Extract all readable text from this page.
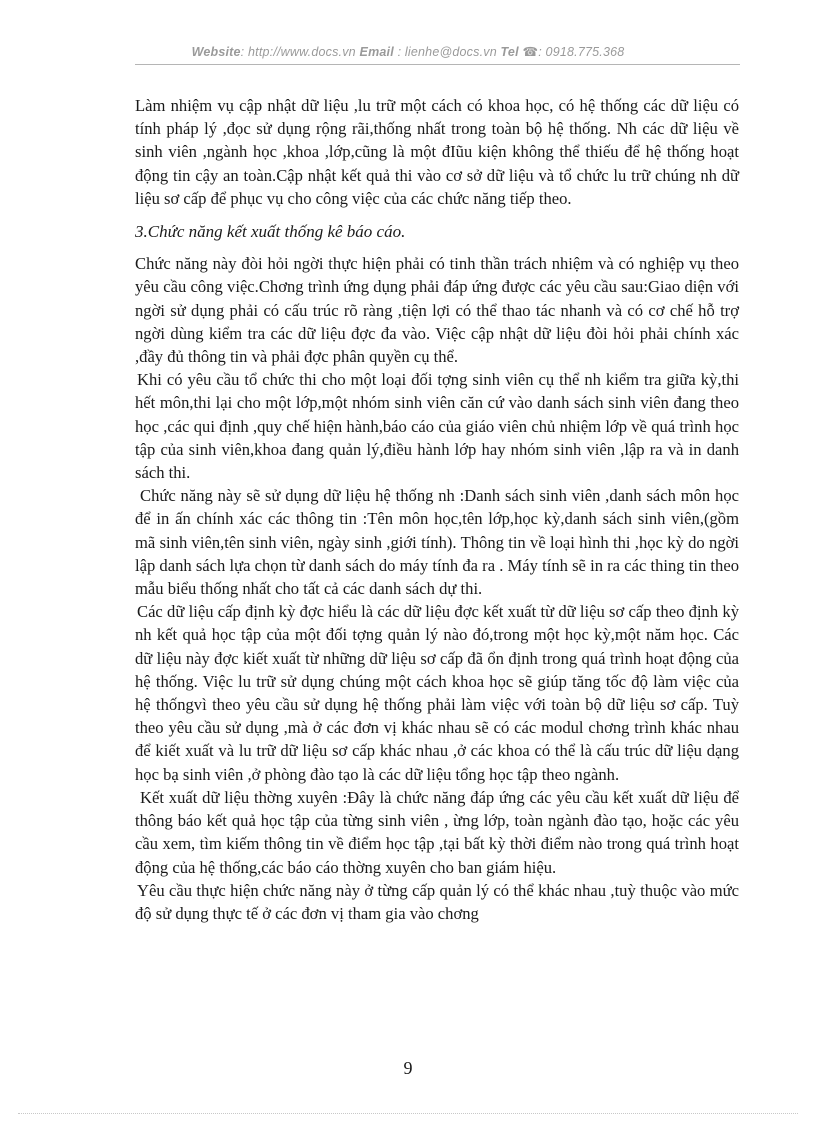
Website: http://www.docs.vn Email : lienhe@docs.vn Tel ☎: 0918.775.368

Làm nhiệm vụ cập nhật dữ liệu ,lu trữ một cách có khoa học, có hệ thống các dữ liệu có tính pháp lý ,đọc sử dụng rộng rãi,thống nhất trong toàn bộ hệ thống. Nh các dữ liệu về sinh viên ,ngành học ,khoa ,lớp,cũng là một đIũu kiện không thể thiếu để hệ thống hoạt động tin cậy an toàn.Cập nhật kết quả thi vào cơ sở dữ liệu và tổ chức lu trữ chúng nh dữ liệu sơ cấp để phục vụ cho công việc của các chức năng tiếp theo.

3.Chức năng kết xuất thống kê báo cáo.

Chức năng này đòi hỏi ngời thực hiện phải có tinh thần trách nhiệm và có nghiệp vụ theo yêu cầu công việc.Chơng trình ứng dụng phải đáp ứng được các yêu cầu sau:Giao diện với ngời sử dụng phải có cấu trúc rõ ràng ,tiện lợi có thể thao tác nhanh và có cơ chế hỗ trợ ngời dùng kiểm tra các dữ liệu đợc đa vào. Việc cập nhật dữ liệu đòi hỏi phải chính xác ,đầy đủ thông tin và phải đợc phân quyền cụ thể.

Khi có yêu cầu tổ chức thi cho một loại đối tợng sinh viên cụ thể nh kiểm tra giữa kỳ,thi hết môn,thi lại cho một lớp,một nhóm sinh viên căn cứ vào danh sách sinh viên đang theo học ,các qui định ,quy chế hiện hành,báo cáo của giáo viên chủ nhiệm lớp về quá trình học tập của sinh viên,khoa đang quản lý,điều hành lớp hay nhóm sinh viên ,lập ra và in danh sách thi.

Chức năng này sẽ sử dụng dữ liệu hệ thống nh :Danh sách sinh viên ,danh sách môn học để in ấn chính xác các thông tin :Tên môn học,tên lớp,học kỳ,danh sách sinh viên,(gồm mã sinh viên,tên sinh viên, ngày sinh ,giới tính). Thông tin về loại hình thi ,học kỳ do ngời lập danh sách lựa chọn từ danh sách do máy tính đa ra . Máy tính sẽ in ra các thing tin theo mẫu biểu thống nhất cho tất cả các danh sách dự thi.

Các dữ liệu cấp định kỳ đợc hiểu là các dữ liệu đợc kết xuất từ dữ liệu sơ cấp theo định kỳ nh kết quả học tập của một đối tợng quản lý nào đó,trong một học kỳ,một năm học. Các dữ liệu này đợc kiết xuất từ những dữ liệu sơ cấp đã ổn định trong quá trình hoạt động của hệ thống. Việc lu trữ sử dụng chúng một cách khoa học sẽ giúp tăng tốc độ làm việc của hệ thốngvì theo yêu cầu sử dụng hệ thống phải làm việc với toàn bộ dữ liệu sơ cấp. Tuỳ theo yêu cầu sử dụng ,mà ở các đơn vị khác nhau sẽ có các modul chơng trình khác nhau để kiết xuất và lu trữ dữ liệu sơ cấp khác nhau ,ở các khoa có thể là cấu trúc dữ liệu dạng học bạ sinh viên ,ở phòng đào tạo là các dữ liệu tổng học tập theo ngành.

Kết xuất dữ liệu thờng xuyên :Đây là chức năng đáp ứng các yêu cầu kết xuất dữ liệu để thông báo kết quả học tập của từng sinh viên , ừng lớp, toàn ngành đào tạo, hoặc các yêu cầu xem, tìm kiếm thông tin về điểm học tập ,tại bất kỳ thời điểm nào trong quá trình hoạt động của hệ thống,các báo cáo thờng xuyên cho ban giám hiệu.

Yêu cầu thực hiện chức năng này ở từng cấp quản lý có thể khác nhau ,tuỳ thuộc vào mức độ sử dụng thực tế ở các đơn vị tham gia vào chơng

9
